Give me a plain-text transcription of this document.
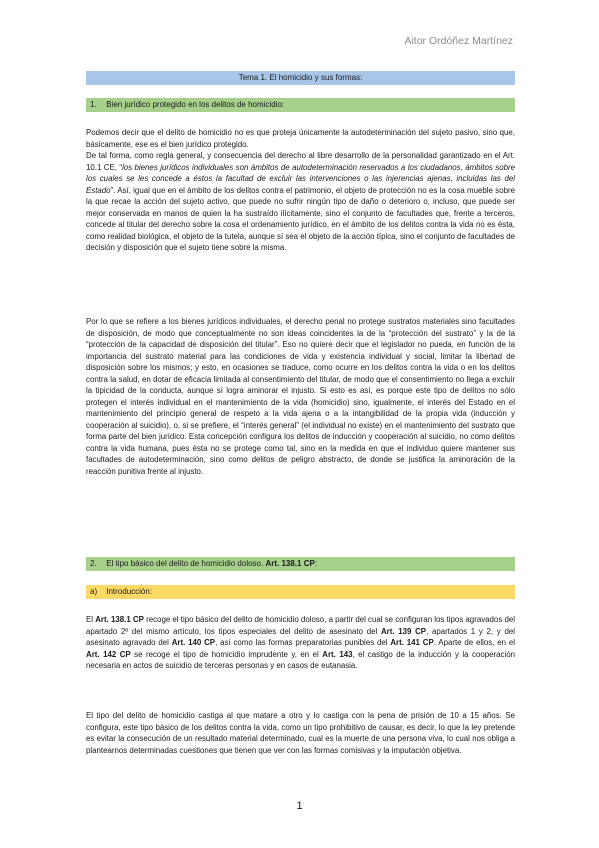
Aitor Ordóñez Martínez
Tema 1. El homicidio y sus formas:
1. Bien jurídico protegido en los delitos de homicidio:

Podemos decir que el delito de homicidio no es que proteja únicamente la autodeterminación del sujeto pasivo, sino que, básicamente, ese es el bien jurídico protegido.
De tal forma, como regla general, y consecuencia del derecho al libre desarrollo de la personalidad garantizado en el Art. 10.1 CE, “los bienes jurídicos individuales son ámbitos de autodeterminación reservados a los ciudadanos, ámbitos sobre los cuales se les concede a éstos la facultad de excluir las intervenciones o las injerencias ajenas, incluidas las del Estado”. Así, igual que en el ámbito de los delitos contra el patrimonio, el objeto de protección no es la cosa mueble sobre la que recae la acción del sujeto activo, que puede no sufrir ningún tipo de daño o deterioro o, incluso, que puede ser mejor conservada en manos de quien la ha sustraído ilícitamente, sino el conjunto de facultades que, frente a terceros, concede al titular del derecho sobre la cosa el ordenamiento jurídico, en el ámbito de los delitos contra la vida no es ésta, como realidad biológica, el objeto de la tutela, aunque sí sea el objeto de la acción típica, sino el conjunto de facultades de decisión y disposición que el sujeto tiene sobre la misma.

Por lo que se refiere a los bienes jurídicos individuales, el derecho penal no protege sustratos materiales sino facultades de disposición, de modo que conceptualmente no son ideas coincidentes la de la “protección del sustrato” y la de la “protección de la capacidad de disposición del titular”. Eso no quiere decir que el legislador no pueda, en función de la importancia del sustrato material para las condiciones de vida y existencia individual y social, limitar la libertad de disposición sobre los mismos; y esto, en ocasiones se traduce, como ocurre en los delitos contra la vida o en los delitos contra la salud, en dotar de eficacia limitada al consentimiento del titular, de modo que el consentimiento no llega a excluir la tipicidad de la conducta, aunque sí logra aminorar el injusto. Si esto es así, es porque este tipo de delitos no sólo protegen el interés individual en el mantenimiento de la vida (homicidio) sino, igualmente, el interés del Estado en el mantenimiento del principio general de respeto a la vida ajena o a la intangibilidad de la propia vida (inducción y cooperación al suicidio), o, si se prefiere, el “interés general” (el individual no existe) en el mantenimiento del sustrato que forma parte del bien jurídico. Esta concepción configura los delitos de inducción y cooperación al suicidio, no como delitos contra la vida humana, pues ésta no se protege como tal, sino en la medida en que el individuo quiere mantener sus facultades de autodeterminación, sino como delitos de peligro abstracto, de donde se justifica la aminoración de la reacción punitiva frente al injusto.

2. El tipo básico del delito de homicidio doloso. Art. 138.1 CP:
a) Introducción:

El Art. 138.1 CP recoge el tipo básico del delito de homicidio doloso, a partir del cual se configuran los tipos agravados del apartado 2º del mismo artículo, los tipos especiales del delito de asesinato del Art. 139 CP, apartados 1 y 2, y del asesinato agravado del Art. 140 CP, así como las formas preparatorias punibles del Art. 141 CP. Aparte de ellos, en el Art. 142 CP se recoge el tipo de homicidio imprudente y, en el Art. 143, el castigo de la inducción y la cooperación necesaria en actos de suicidio de terceras personas y en casos de eutanasia.

El tipo del delito de homicidio castiga al que matare a otro y lo castiga con la pena de prisión de 10 a 15 años. Se configura, este tipo básico de los delitos contra la vida, como un tipo prohibitivo de causar, es decir, lo que la ley pretende es evitar la consecución de un resultado material determinado, cual es la muerte de una persona viva, lo cual nos obliga a plantearnos determinadas cuestiones que tienen que ver con las formas comisivas y la imputación objetiva.

1
